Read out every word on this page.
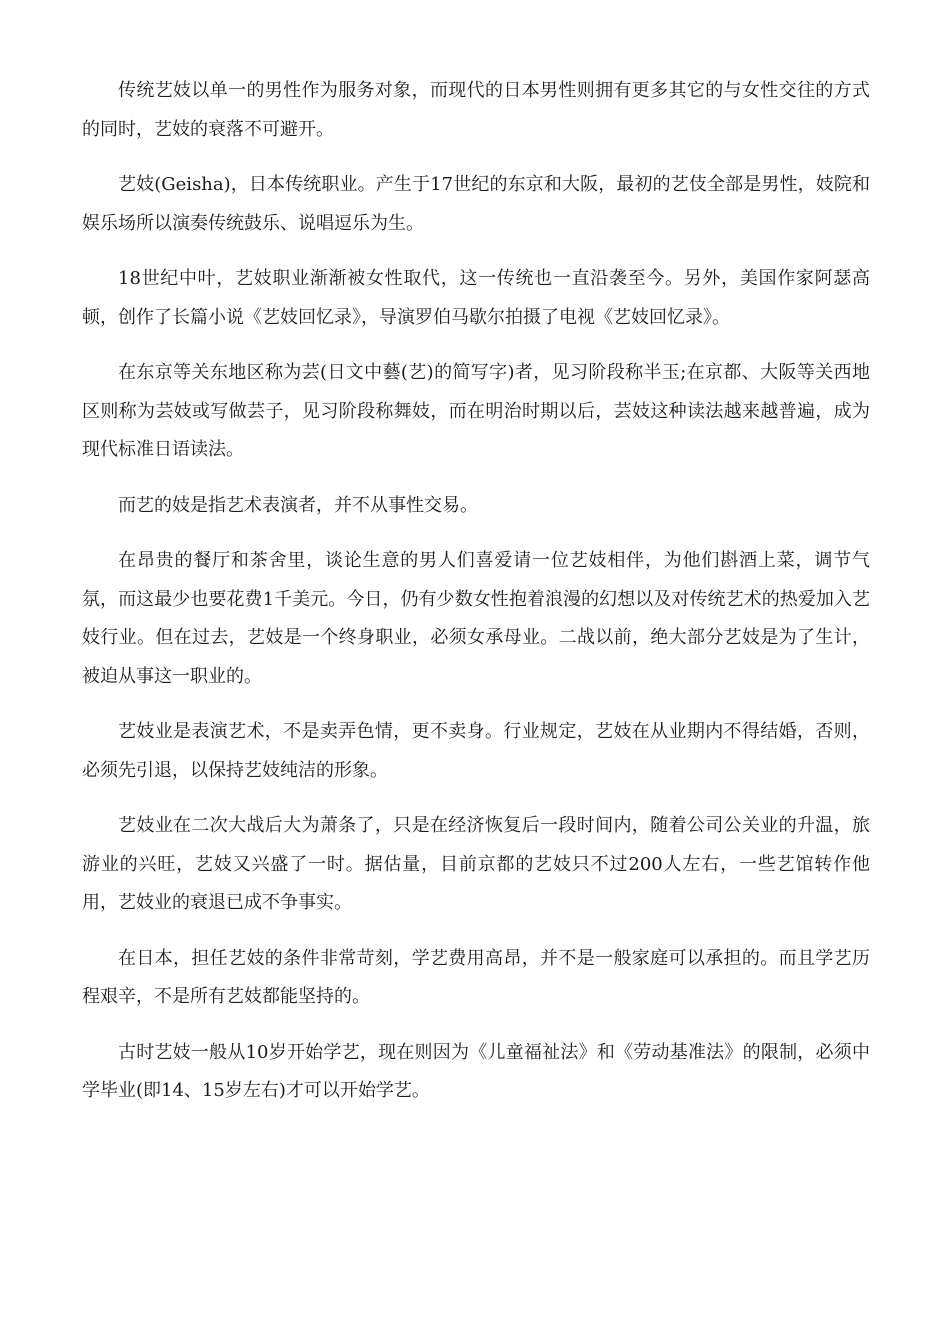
传统艺妓以单一的男性作为服务对象，而现代的日本男性则拥有更多其它的与女性交往的方式的同时，艺妓的衰落不可避开。

艺妓(Geisha)，日本传统职业。产生于17世纪的东京和大阪，最初的艺伎全部是男性，妓院和娱乐场所以演奏传统鼓乐、说唱逗乐为生。

18世纪中叶，艺妓职业渐渐被女性取代，这一传统也一直沿袭至今。另外，美国作家阿瑟高顿，创作了长篇小说《艺妓回忆录》，导演罗伯马歇尔拍摄了电视《艺妓回忆录》。

在东京等关东地区称为芸(日文中藝(艺)的简写字)者，见习阶段称半玉;在京都、大阪等关西地区则称为芸妓或写做芸子，见习阶段称舞妓，而在明治时期以后，芸妓这种读法越来越普遍，成为现代标准日语读法。

而艺的妓是指艺术表演者，并不从事性交易。

在昂贵的餐厅和茶舍里，谈论生意的男人们喜爱请一位艺妓相伴，为他们斟酒上菜，调节气氛，而这最少也要花费1千美元。今日，仍有少数女性抱着浪漫的幻想以及对传统艺术的热爱加入艺妓行业。但在过去，艺妓是一个终身职业，必须女承母业。二战以前，绝大部分艺妓是为了生计，被迫从事这一职业的。

艺妓业是表演艺术，不是卖弄色情，更不卖身。行业规定，艺妓在从业期内不得结婚，否则，必须先引退，以保持艺妓纯洁的形象。

艺妓业在二次大战后大为萧条了，只是在经济恢复后一段时间内，随着公司公关业的升温，旅游业的兴旺，艺妓又兴盛了一时。据估量，目前京都的艺妓只不过200人左右，一些艺馆转作他用，艺妓业的衰退已成不争事实。

在日本，担任艺妓的条件非常苛刻，学艺费用高昂，并不是一般家庭可以承担的。而且学艺历程艰辛，不是所有艺妓都能坚持的。

古时艺妓一般从10岁开始学艺，现在则因为《儿童福祉法》和《劳动基准法》的限制，必须中学毕业(即14、15岁左右)才可以开始学艺。
